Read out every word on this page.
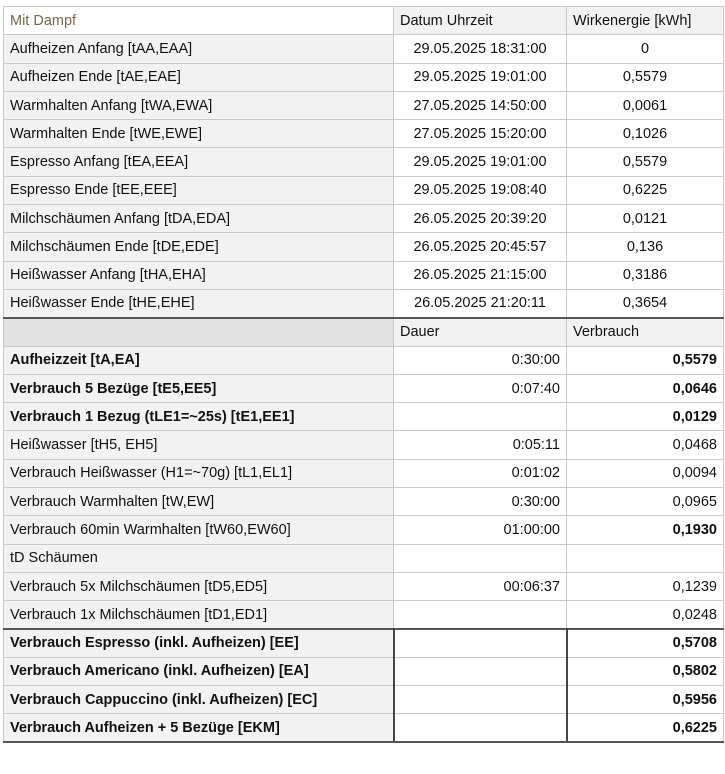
Mit Dampf	Datum Uhrzeit	Wirkenergie [kWh]
Aufheizen Anfang [tAA,EAA]	29.05.2025 18:31:00	0
Aufheizen Ende [tAE,EAE]	29.05.2025 19:01:00	0,5579
Warmhalten Anfang [tWA,EWA]	27.05.2025 14:50:00	0,0061
Warmhalten Ende [tWE,EWE]	27.05.2025 15:20:00	0,1026
Espresso Anfang [tEA,EEA]	29.05.2025 19:01:00	0,5579
Espresso Ende [tEE,EEE]	29.05.2025 19:08:40	0,6225
Milchschäumen Anfang [tDA,EDA]	26.05.2025 20:39:20	0,0121
Milchschäumen Ende [tDE,EDE]	26.05.2025 20:45:57	0,136
Heißwasser Anfang [tHA,EHA]	26.05.2025 21:15:00	0,3186
Heißwasser Ende [tHE,EHE]	26.05.2025 21:20:11	0,3654
	Dauer	Verbrauch
Aufheizzeit [tA,EA]	0:30:00	0,5579
Verbrauch 5 Bezüge [tE5,EE5]	0:07:40	0,0646
Verbrauch 1 Bezug (tLE1=~25s) [tE1,EE1]		0,0129
Heißwasser [tH5, EH5]	0:05:11	0,0468
Verbrauch Heißwasser (H1=~70g) [tL1,EL1]	0:01:02	0,0094
Verbrauch Warmhalten [tW,EW]	0:30:00	0,0965
Verbrauch 60min Warmhalten [tW60,EW60]	01:00:00	0,1930
tD Schäumen		
Verbrauch 5x Milchschäumen [tD5,ED5]	00:06:37	0,1239
Verbrauch 1x Milchschäumen [tD1,ED1]		0,0248
Verbrauch Espresso (inkl. Aufheizen) [EE]		0,5708
Verbrauch Americano (inkl. Aufheizen) [EA]		0,5802
Verbrauch Cappuccino (inkl. Aufheizen) [EC]		0,5956
Verbrauch Aufheizen + 5 Bezüge [EKM]		0,6225
